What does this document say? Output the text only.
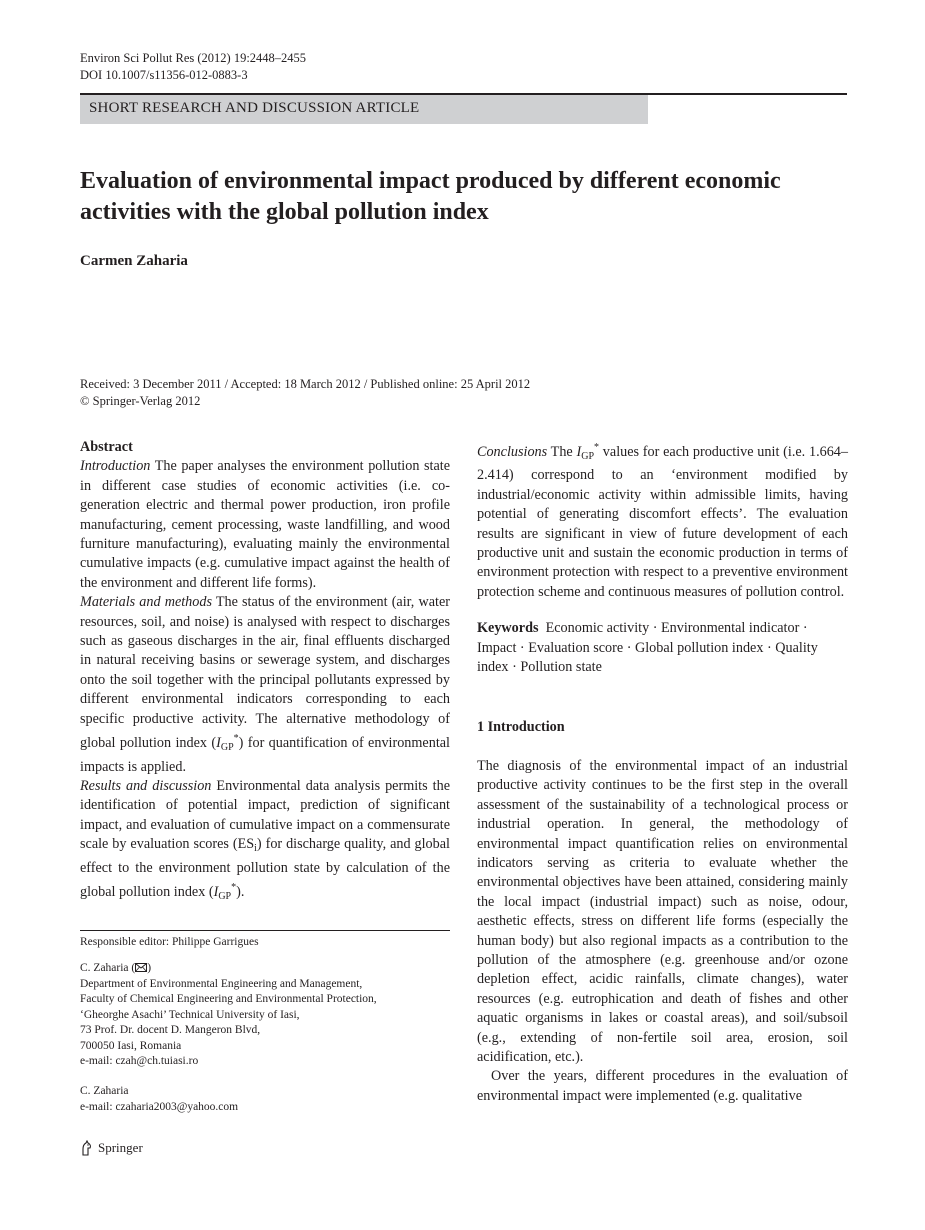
Environ Sci Pollut Res (2012) 19:2448–2455
DOI 10.1007/s11356-012-0883-3
SHORT RESEARCH AND DISCUSSION ARTICLE
Evaluation of environmental impact produced by different economic activities with the global pollution index
Carmen Zaharia
Received: 3 December 2011 / Accepted: 18 March 2012 / Published online: 25 April 2012
© Springer-Verlag 2012

Abstract

Introduction The paper analyses the environment pollution state in different case studies of economic activities (i.e. co-generation electric and thermal power production, iron profile manufacturing, cement processing, waste landfilling, and wood furniture manufacturing), evaluating mainly the environmental cumulative impacts (e.g. cumulative impact against the health of the environment and different life forms).

Materials and methods The status of the environment (air, water resources, soil, and noise) is analysed with respect to discharges such as gaseous discharges in the air, final effluents discharged in natural receiving basins or sewerage system, and discharges onto the soil together with the principal pollutants expressed by different environmental indicators corresponding to each specific productive activity. The alternative methodology of global pollution index $(I_{GP}^*)$ for quantification of environmental impacts is applied.

Results and discussion Environmental data analysis permits the identification of potential impact, prediction of significant impact, and evaluation of cumulative impact on a commensurate scale by evaluation scores $(ES_i)$ for discharge quality, and global effect to the environment pollution state by calculation of the global pollution index $(I_{GP}^*)$.

Responsible editor: Philippe Garrigues
C. Zaharia ( )
Department of Environmental Engineering and Management,
Faculty of Chemical Engineering and Environmental Protection,
‘Gheorghe Asachi’ Technical University of Iasi,
73 Prof. Dr. docent D. Mangeron Blvd,
700050 Iasi, Romania
e-mail: czah@ch.tuiasi.ro
C. Zaharia
e-mail: czaharia2003@yahoo.com

Conclusions The $I_{GP}^*$ values for each productive unit (i.e. 1.664–2.414) correspond to an ‘environment modified by industrial/economic activity within admissible limits, having potential of generating discomfort effects’. The evaluation results are significant in view of future development of each productive unit and sustain the economic production in terms of environment protection with respect to a preventive environment protection scheme and continuous measures of pollution control.

Keywords Economic activity · Environmental indicator · Impact · Evaluation score · Global pollution index · Quality index · Pollution state

1 Introduction

The diagnosis of the environmental impact of an industrial productive activity continues to be the first step in the overall assessment of the sustainability of a technological process or industrial operation. In general, the methodology of environmental impact quantification relies on environmental indicators serving as criteria to evaluate whether the environmental objectives have been attained, considering mainly the local impact (industrial impact) such as noise, odour, aesthetic effects, stress on different life forms (especially the human body) but also regional impacts as a contribution to the pollution of the atmosphere (e.g. greenhouse and/or ozone depletion effect, acidic rainfalls, climate changes), water resources (e.g. eutrophication and death of fishes and other aquatic organisms in lakes or coastal areas), and soil/subsoil (e.g., extending of non-fertile soil area, erosion, soil acidification, etc.).

Over the years, different procedures in the evaluation of environmental impact were implemented (e.g. qualitative

Springer
